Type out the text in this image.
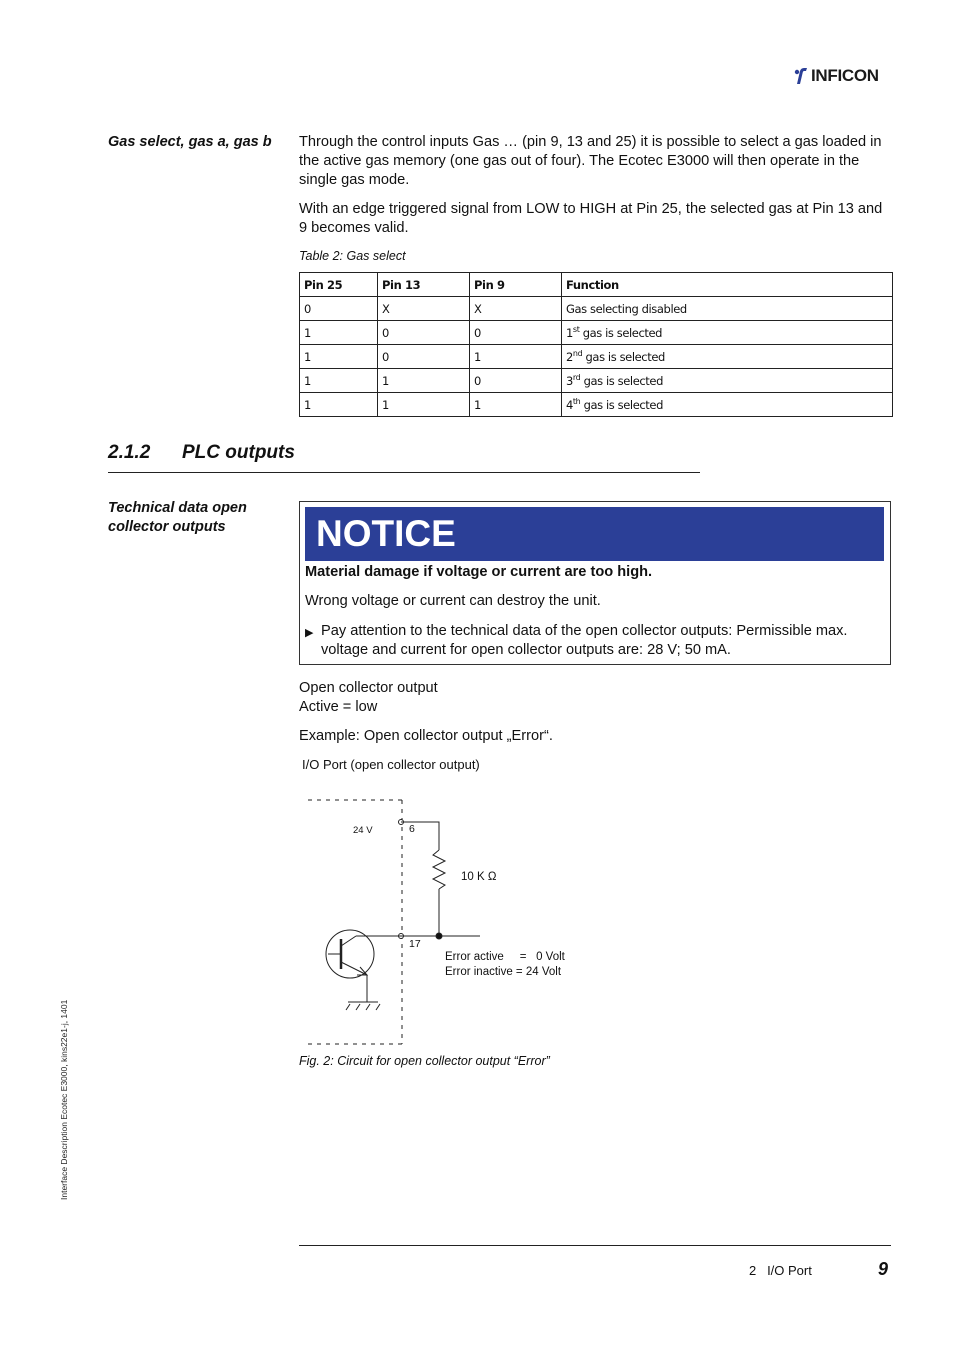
INFICON
Gas select, gas a, gas b Through the control inputs Gas … (pin 9, 13 and 25) it is possible to select a gas loaded in the active gas memory (one gas out of four). The Ecotec E3000 will then operate in the single gas mode.
With an edge triggered signal from LOW to HIGH at Pin 25, the selected gas at Pin 13 and 9 becomes valid.
Table 2: Gas select
Pin 25	Pin 13	Pin 9	Function
0	X	X	Gas selecting disabled
1	0	0	1st gas is selected
1	0	1	2nd gas is selected
1	1	0	3rd gas is selected
1	1	1	4th gas is selected
2.1.2 PLC outputs
Technical data open
collector outputs	NOTICE
Material damage if voltage or current are too high.
Wrong voltage or current can destroy the unit.
▶ Pay attention to the technical data of the open collector outputs: Permissible max. voltage and current for open collector outputs are: 28 V; 50 mA.
Open collector output
Active = low
Example: Open collector output „Error“.
I/O Port (open collector output)
24 V	6
17
10 K Ω
Error active     =   0 Volt
Error inactive = 24 Volt
Fig. 2: Circuit for open collector output “Error”
Interface Description Ecotec E3000, kins22e1-j, 1401
2   I/O Port	9
